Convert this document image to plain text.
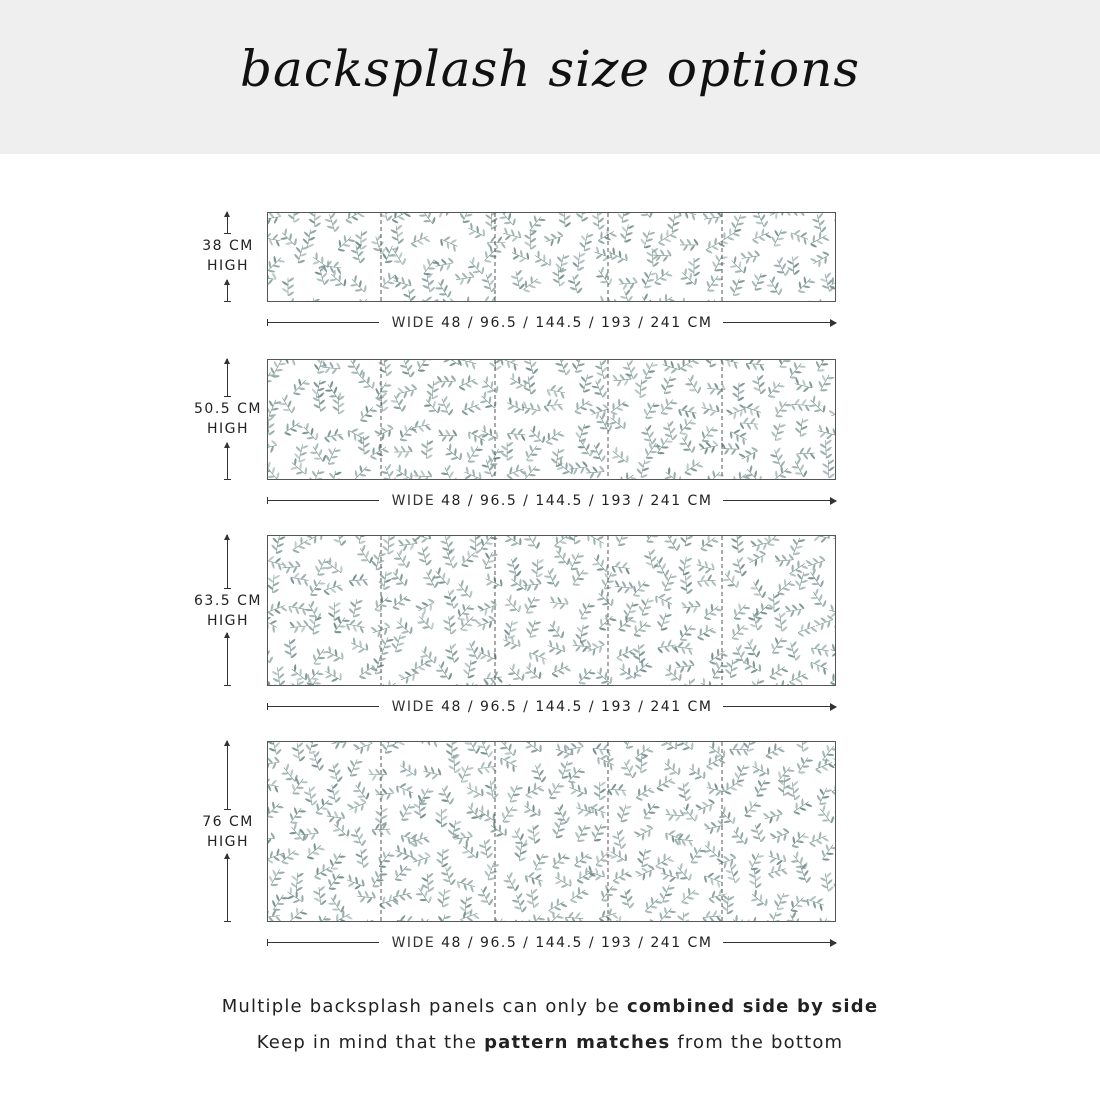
backsplash size options
38 CM
HIGH
WIDE 48 / 96.5 / 144.5 / 193 / 241 CM
50.5 CM
HIGH
WIDE 48 / 96.5 / 144.5 / 193 / 241 CM
63.5 CM
HIGH
WIDE 48 / 96.5 / 144.5 / 193 / 241 CM
76 CM
HIGH
WIDE 48 / 96.5 / 144.5 / 193 / 241 CM
Multiple backsplash panels can only be combined side by side
Keep in mind that the pattern matches from the bottom
